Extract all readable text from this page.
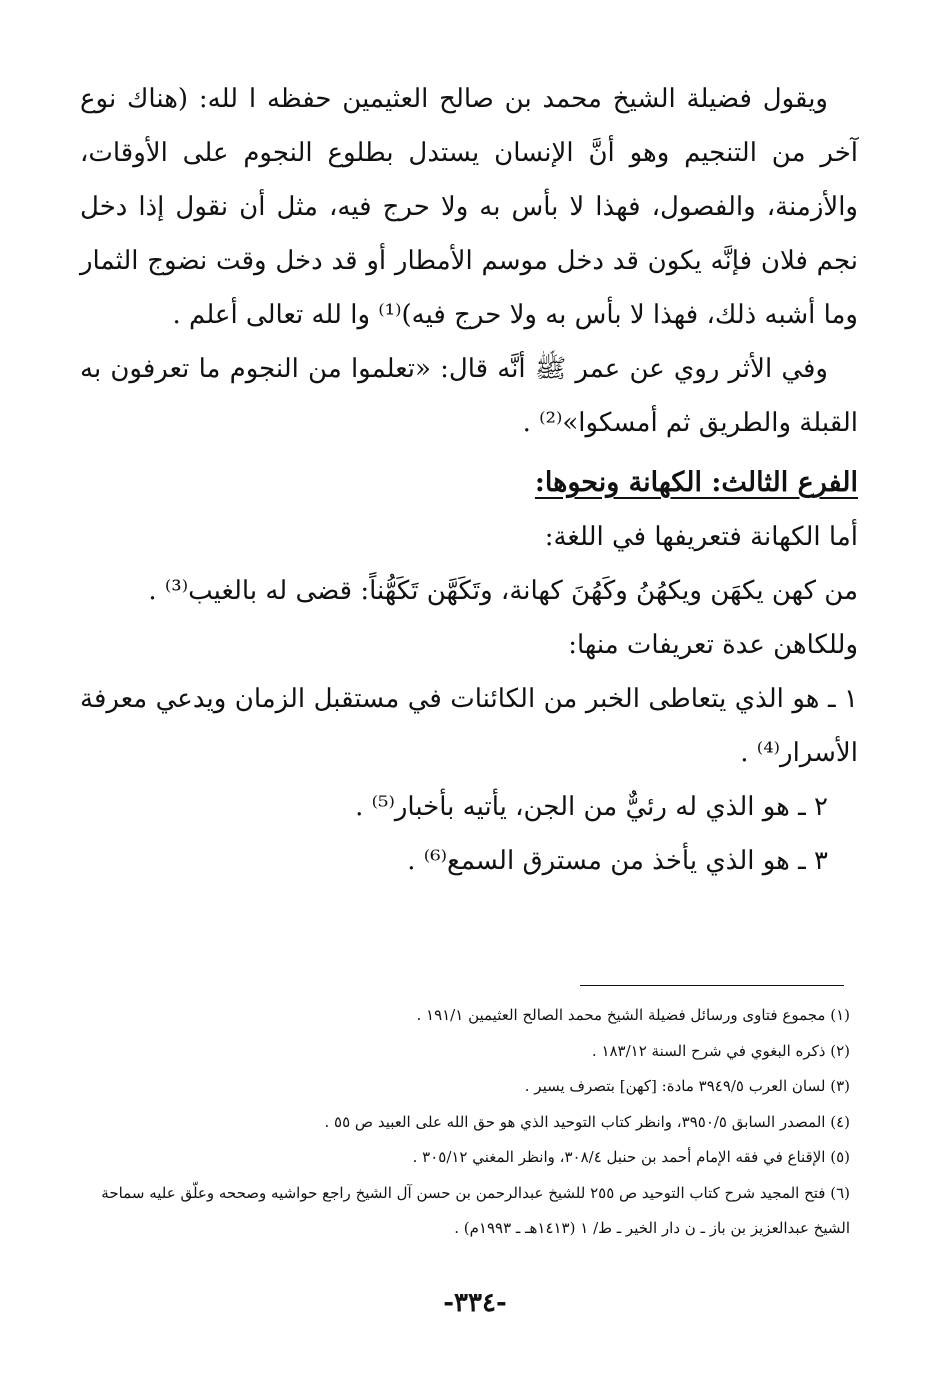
ويقول فضيلة الشيخ محمد بن صالح العثيمين حفظه ا لله: (هناك نوع آخر من التنجيم وهو أنَّ الإنسان يستدل بطلوع النجوم على الأوقات، والأزمنة، والفصول، فهذا لا بأس به ولا حرج فيه، مثل أن نقول إذا دخل نجم فلان فإنَّه يكون قد دخل موسم الأمطار أو قد دخل وقت نضوج الثمار وما أشبه ذلك، فهذا لا بأس به ولا حرج فيه)⁽¹⁾ وا لله تعالى أعلم .

وفي الأثر روي عن عمر ﷺ أنَّه قال: «تعلموا من النجوم ما تعرفون به القبلة والطريق ثم أمسكوا»⁽²⁾ .

الفرع الثالث: الكهانة ونحوها:

أما الكهانة فتعريفها في اللغة:

من كهن يكهَن ويكهُنُ وكَهُنَ كهانة، وتَكَهَّن تَكَهُّناً: قضى له بالغيب⁽³⁾ .

وللكاهن عدة تعريفات منها:

١ ـ هو الذي يتعاطى الخبر من الكائنات في مستقبل الزمان ويدعي معرفة الأسرار⁽⁴⁾ .

٢ ـ هو الذي له رئيٌّ من الجن، يأتيه بأخبار⁽⁵⁾ .

٣ ـ هو الذي يأخذ من مسترق السمع⁽⁶⁾ .

(١) مجموع فتاوى ورسائل فضيلة الشيخ محمد الصالح العثيمين ١٩١/١ .

(٢) ذكره البغوي في شرح السنة ١٨٣/١٢ .

(٣) لسان العرب ٣٩٤٩/٥ مادة: [كهن] بتصرف يسير .

(٤) المصدر السابق ٣٩٥٠/٥، وانظر كتاب التوحيد الذي هو حق الله على العبيد ص ٥٥ .

(٥) الإقناع في فقه الإمام أحمد بن حنبل ٣٠٨/٤، وانظر المغني ٣٠٥/١٢ .

(٦) فتح المجيد شرح كتاب التوحيد ص ٢٥٥ للشيخ عبدالرحمن بن حسن آل الشيخ راجع حواشيه وصححه وعلّق عليه سماحة الشيخ عبدالعزيز بن باز ـ ن دار الخير ـ ط/ ١ (١٤١٣هـ ـ ١٩٩٣م) .

-٣٣٤-
